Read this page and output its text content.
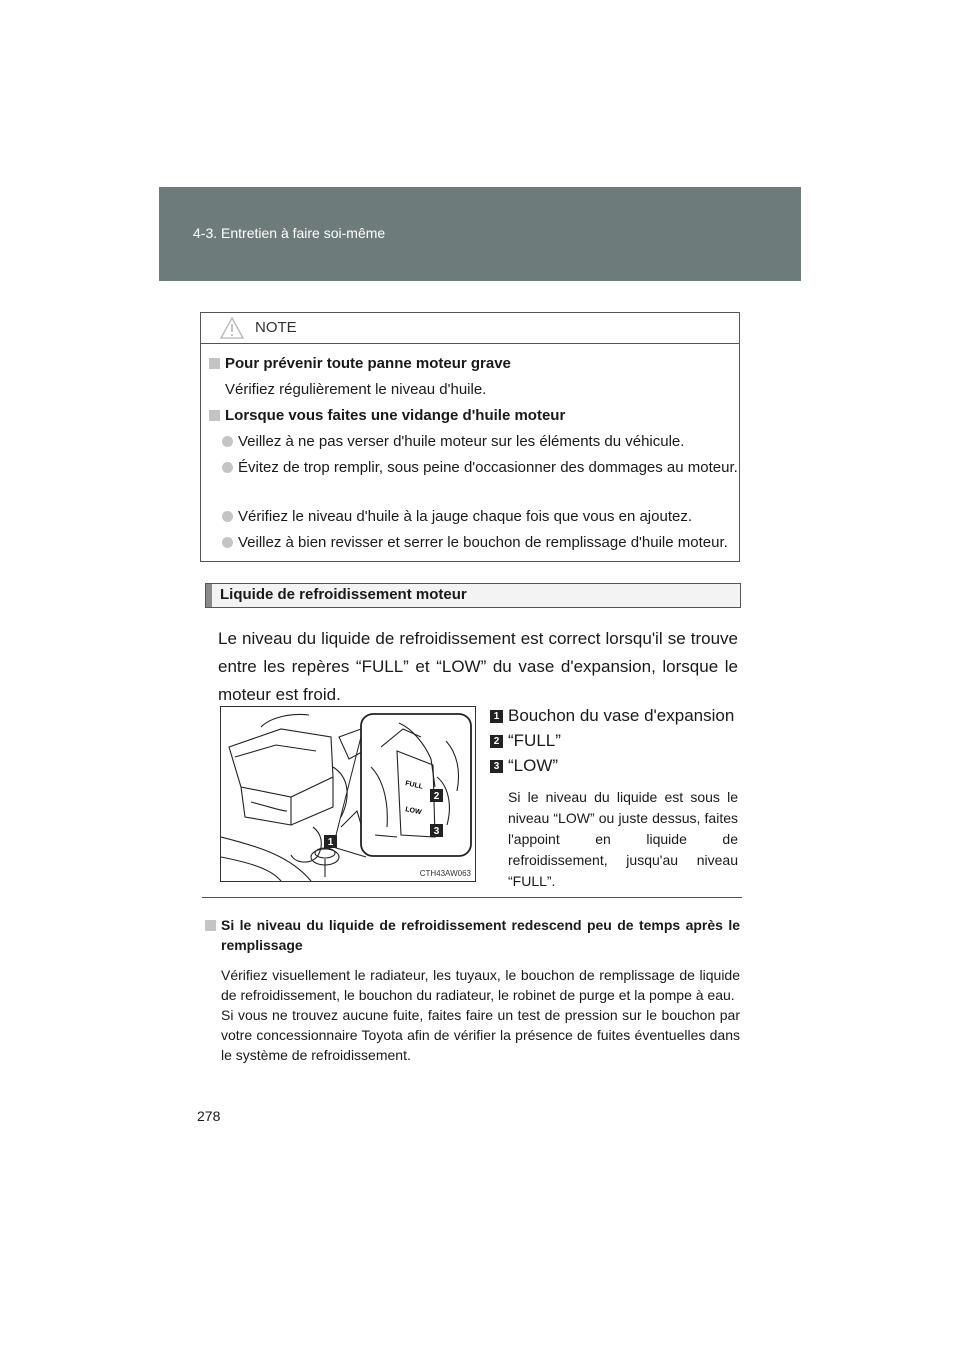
4-3. Entretien à faire soi-même
NOTE
Pour prévenir toute panne moteur grave
Vérifiez régulièrement le niveau d'huile.
Lorsque vous faites une vidange d'huile moteur
Veillez à ne pas verser d'huile moteur sur les éléments du véhicule.
Évitez de trop remplir, sous peine d'occasionner des dommages au moteur.
Vérifiez le niveau d'huile à la jauge chaque fois que vous en ajoutez.
Veillez à bien revisser et serrer le bouchon de remplissage d'huile moteur.
Liquide de refroidissement moteur
Le niveau du liquide de refroidissement est correct lorsqu'il se trouve entre les repères “FULL” et “LOW” du vase d'expansion, lorsque le moteur est froid.
FULL
LOW
2
3
1
CTH43AW063
1 Bouchon du vase d'expansion
2 “FULL”
3 “LOW”
Si le niveau du liquide est sous le niveau “LOW” ou juste dessus, faites l'appoint en liquide de refroidissement, jusqu'au niveau “FULL”.
Si le niveau du liquide de refroidissement redescend peu de temps après le remplissage
Vérifiez visuellement le radiateur, les tuyaux, le bouchon de remplissage de liquide de refroidissement, le bouchon du radiateur, le robinet de purge et la pompe à eau.
Si vous ne trouvez aucune fuite, faites faire un test de pression sur le bouchon par votre concessionnaire Toyota afin de vérifier la présence de fuites éventuelles dans le système de refroidissement.
278
